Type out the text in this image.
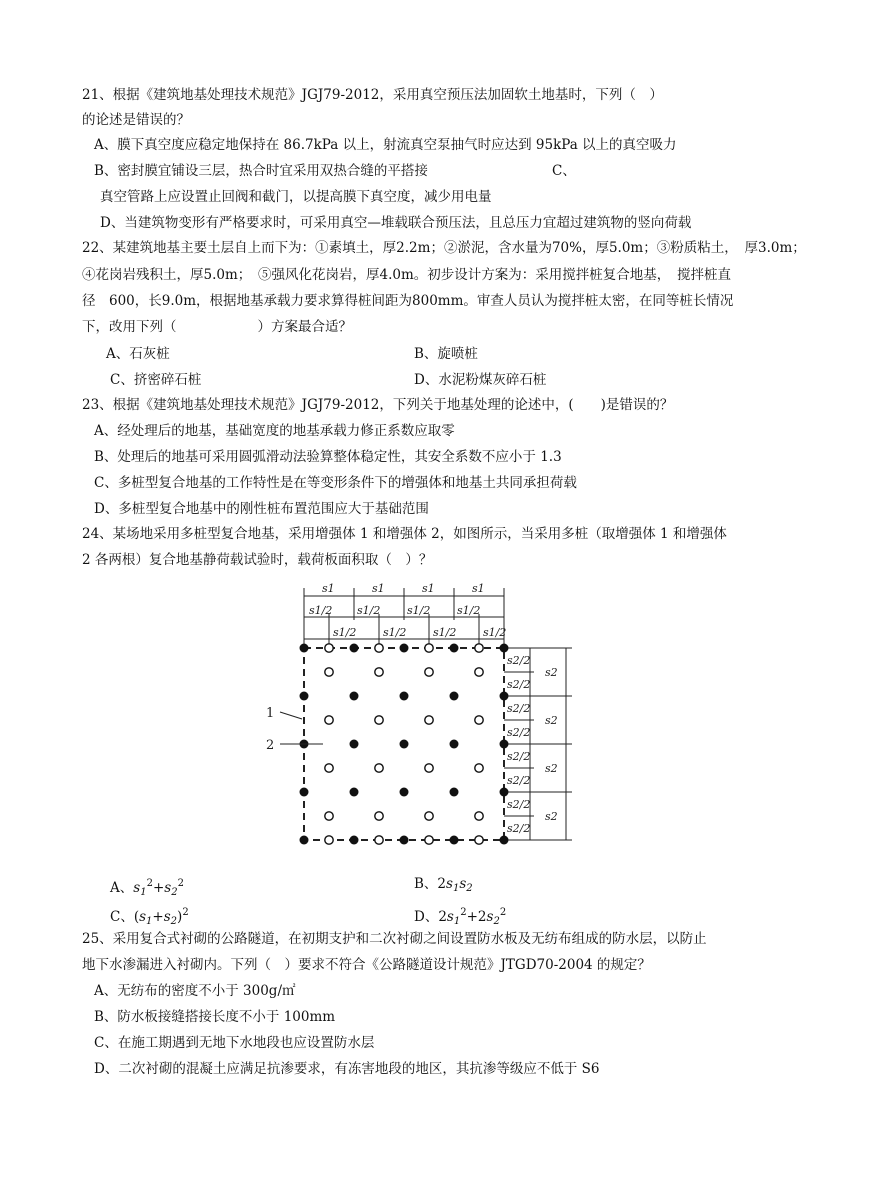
21、根据《建筑地基处理技术规范》JGJ79-2012，采用真空预压法加固软土地基时，下列（　）
的论述是错误的？
A、膜下真空度应稳定地保持在 86.7kPa 以上，射流真空泵抽气时应达到 95kPa 以上的真空吸力
B、密封膜宜铺设三层，热合时宜采用双热合缝的平搭接	C、
真空管路上应设置止回阀和截门，以提高膜下真空度，减少用电量
D、当建筑物变形有严格要求时，可采用真空—堆载联合预压法，且总压力宜超过建筑物的竖向荷载
22、某建筑地基主要土层自上而下为：①素填土，厚2.2m；②淤泥，含水量为70%，厚5.0m；③粉质粘土，　厚3.0m；
④花岗岩残积土，厚5.0m；　⑤强风化花岗岩，厚4.0m。初步设计方案为：采用搅拌桩复合地基，　搅拌桩直
径　600，长9.0m，根据地基承载力要求算得桩间距为800mm。审查人员认为搅拌桩太密，在同等桩长情况
下，改用下列（　　　　　　）方案最合适？
A、石灰桩	B、旋喷桩
C、挤密碎石桩	D、水泥粉煤灰碎石桩
23、根据《建筑地基处理技术规范》JGJ79-2012，下列关于地基处理的论述中，(　　)是错误的？
A、经处理后的地基，基础宽度的地基承载力修正系数应取零
B、处理后的地基可采用圆弧滑动法验算整体稳定性，其安全系数不应小于 1.3
C、多桩型复合地基的工作特性是在等变形条件下的增强体和地基土共同承担荷载
D、多桩型复合地基中的刚性桩布置范围应大于基础范围
24、某场地采用多桩型复合地基，采用增强体 1 和增强体 2，如图所示，当采用多桩（取增强体 1 和增强体
2 各两根）复合地基静荷载试验时，载荷板面积取（　）？
s1	s1	s1	s1
s1/2 s1/2 s1/2 s1/2
s1/2 s1/2 s1/2 s1/2
s2/2
s2/2
s2/2
s2/2
s2/2
s2/2
s2/2
s2/2
s2
s2
s2
s2
1
2
A、$s_1^2+s_2^2$	B、$2s_1s_2$
C、$(s_1+s_2)^2$	D、$2s_1^2+2s_2^2$
25、采用复合式衬砌的公路隧道，在初期支护和二次衬砌之间设置防水板及无纺布组成的防水层，以防止
地下水渗漏进入衬砌内。下列（　）要求不符合《公路隧道设计规范》JTGD70-2004 的规定？
A、无纺布的密度不小于 300g/㎡
B、防水板接缝搭接长度不小于 100mm
C、在施工期遇到无地下水地段也应设置防水层
D、二次衬砌的混凝土应满足抗渗要求，有冻害地段的地区，其抗渗等级应不低于 S6
